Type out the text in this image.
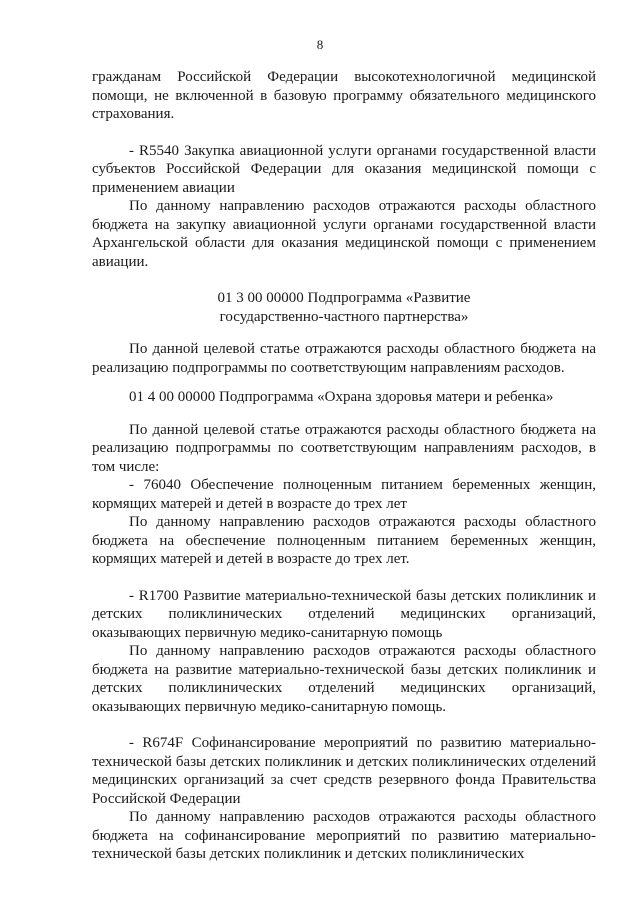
8

гражданам Российской Федерации высокотехнологичной медицинской помощи, не включенной в базовую программу обязательного медицинского страхования.

- R5540 Закупка авиационной услуги органами государственной власти субъектов Российской Федерации для оказания медицинской помощи с применением авиации

По данному направлению расходов отражаются расходы областного бюджета на закупку авиационной услуги органами государственной власти Архангельской области для оказания медицинской помощи с применением авиации.

01 3 00 00000 Подпрограмма «Развитие
государственно-частного партнерства»

По данной целевой статье отражаются расходы областного бюджета на реализацию подпрограммы по соответствующим направлениям расходов.

01 4 00 00000 Подпрограмма «Охрана здоровья матери и ребенка»

По данной целевой статье отражаются расходы областного бюджета на реализацию подпрограммы по соответствующим направлениям расходов, в том числе:

- 76040 Обеспечение полноценным питанием беременных женщин, кормящих матерей и детей в возрасте до трех лет

По данному направлению расходов отражаются расходы областного бюджета на обеспечение полноценным питанием беременных женщин, кормящих матерей и детей в возрасте до трех лет.

- R1700 Развитие материально-технической базы детских поликлиник и детских поликлинических отделений медицинских организаций, оказывающих первичную медико-санитарную помощь

По данному направлению расходов отражаются расходы областного бюджета на развитие материально-технической базы детских поликлиник и детских поликлинических отделений медицинских организаций, оказывающих первичную медико-санитарную помощь.

- R674F Софинансирование мероприятий по развитию материально-технической базы детских поликлиник и детских поликлинических отделений медицинских организаций за счет средств резервного фонда Правительства Российской Федерации

По данному направлению расходов отражаются расходы областного бюджета на софинансирование мероприятий по развитию материально-технической базы детских поликлиник и детских поликлинических
